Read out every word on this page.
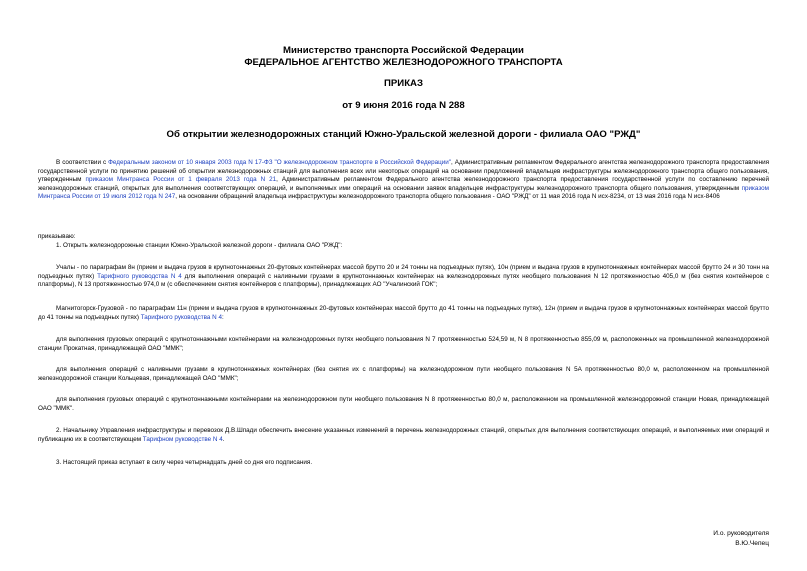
Министерство транспорта Российской Федерации
ФЕДЕРАЛЬНОЕ АГЕНТСТВО ЖЕЛЕЗНОДОРОЖНОГО ТРАНСПОРТА
ПРИКАЗ
от 9 июня 2016 года N 288
Об открытии железнодорожных станций Южно-Уральской железной дороги - филиала ОАО "РЖД"

В соответствии с Федеральным законом от 10 января 2003 года N 17-ФЗ "О железнодорожном транспорте в Российской Федерации", Административным регламентом Федерального агентства железнодорожного транспорта предоставления государственной услуги по принятию решений об открытии железнодорожных станций для выполнения всех или некоторых операций на основании предложений владельцев инфраструктуры железнодорожного транспорта общего пользования, утвержденным приказом Минтранса России от 1 февраля 2013 года N 21, Административным регламентом Федерального агентства железнодорожного транспорта предоставления государственной услуги по составлению перечней железнодорожных станций, открытых для выполнения соответствующих операций, и выполняемых ими операций на основании заявок владельцев инфраструктуры железнодорожного транспорта общего пользования, утвержденным приказом Минтранса России от 19 июля 2012 года N 247, на основании обращений владельца инфраструктуры железнодорожного транспорта общего пользования - ОАО "РЖД" от 11 мая 2016 года N исх-8234, от 13 мая 2016 года N исх-8406

приказываю:

1. Открыть железнодорожные станции Южно-Уральской железной дороги - филиала ОАО "РЖД":

Учалы - по параграфам 8н (прием и выдача грузов в крупнотоннажных 20-футовых контейнерах массой брутто 20 и 24 тонны на подъездных путях), 10н (прием и выдача грузов в крупнотоннажных контейнерах массой брутто 24 и 30 тонн на подъездных путях) Тарифного руководства N 4 для выполнения операций с наливными грузами в крупнотоннажных контейнерах на железнодорожных путях необщего пользования N 12 протяженностью 405,0 м (без снятия контейнеров с платформы), N 13 протяженностью 974,0 м (с обеспечением снятия контейнеров с платформы), принадлежащих АО "Учалинский ГОК";

Магнитогорск-Грузовой - по параграфам 11н (прием и выдача грузов в крупнотоннажных 20-футовых контейнерах массой брутто до 41 тонны на подъездных путях), 12н (прием и выдача грузов в крупнотоннажных контейнерах массой брутто до 41 тонны на подъездных путях) Тарифного руководства N 4:

для выполнения грузовых операций с крупнотоннажными контейнерами на железнодорожных путях необщего пользования N 7 протяженностью 524,59 м, N 8 протяженностью 855,09 м, расположенных на промышленной железнодорожной станции Прокатная, принадлежащей ОАО "ММК";

для выполнения операций с наливными грузами в крупнотоннажных контейнерах (без снятия их с платформы) на железнодорожном пути необщего пользования N 5А протяженностью 80,0 м, расположенном на промышленной железнодорожной станции Кольцевая, принадлежащей ОАО "ММК";

для выполнения грузовых операций с крупнотоннажными контейнерами на железнодорожном пути необщего пользования N 8 протяженностью 80,0 м, расположенном на промышленной железнодорожной станции Новая, принадлежащей ОАО "ММК".

2. Начальнику Управления инфраструктуры и перевозок Д.В.Шпади обеспечить внесение указанных изменений в перечень железнодорожных станций, открытых для выполнения соответствующих операций, и выполняемых ими операций и публикацию их в соответствующем Тарифном руководстве N 4.

3. Настоящий приказ вступает в силу через четырнадцать дней со дня его подписания.

И.о. руководителя
В.Ю.Чепец
